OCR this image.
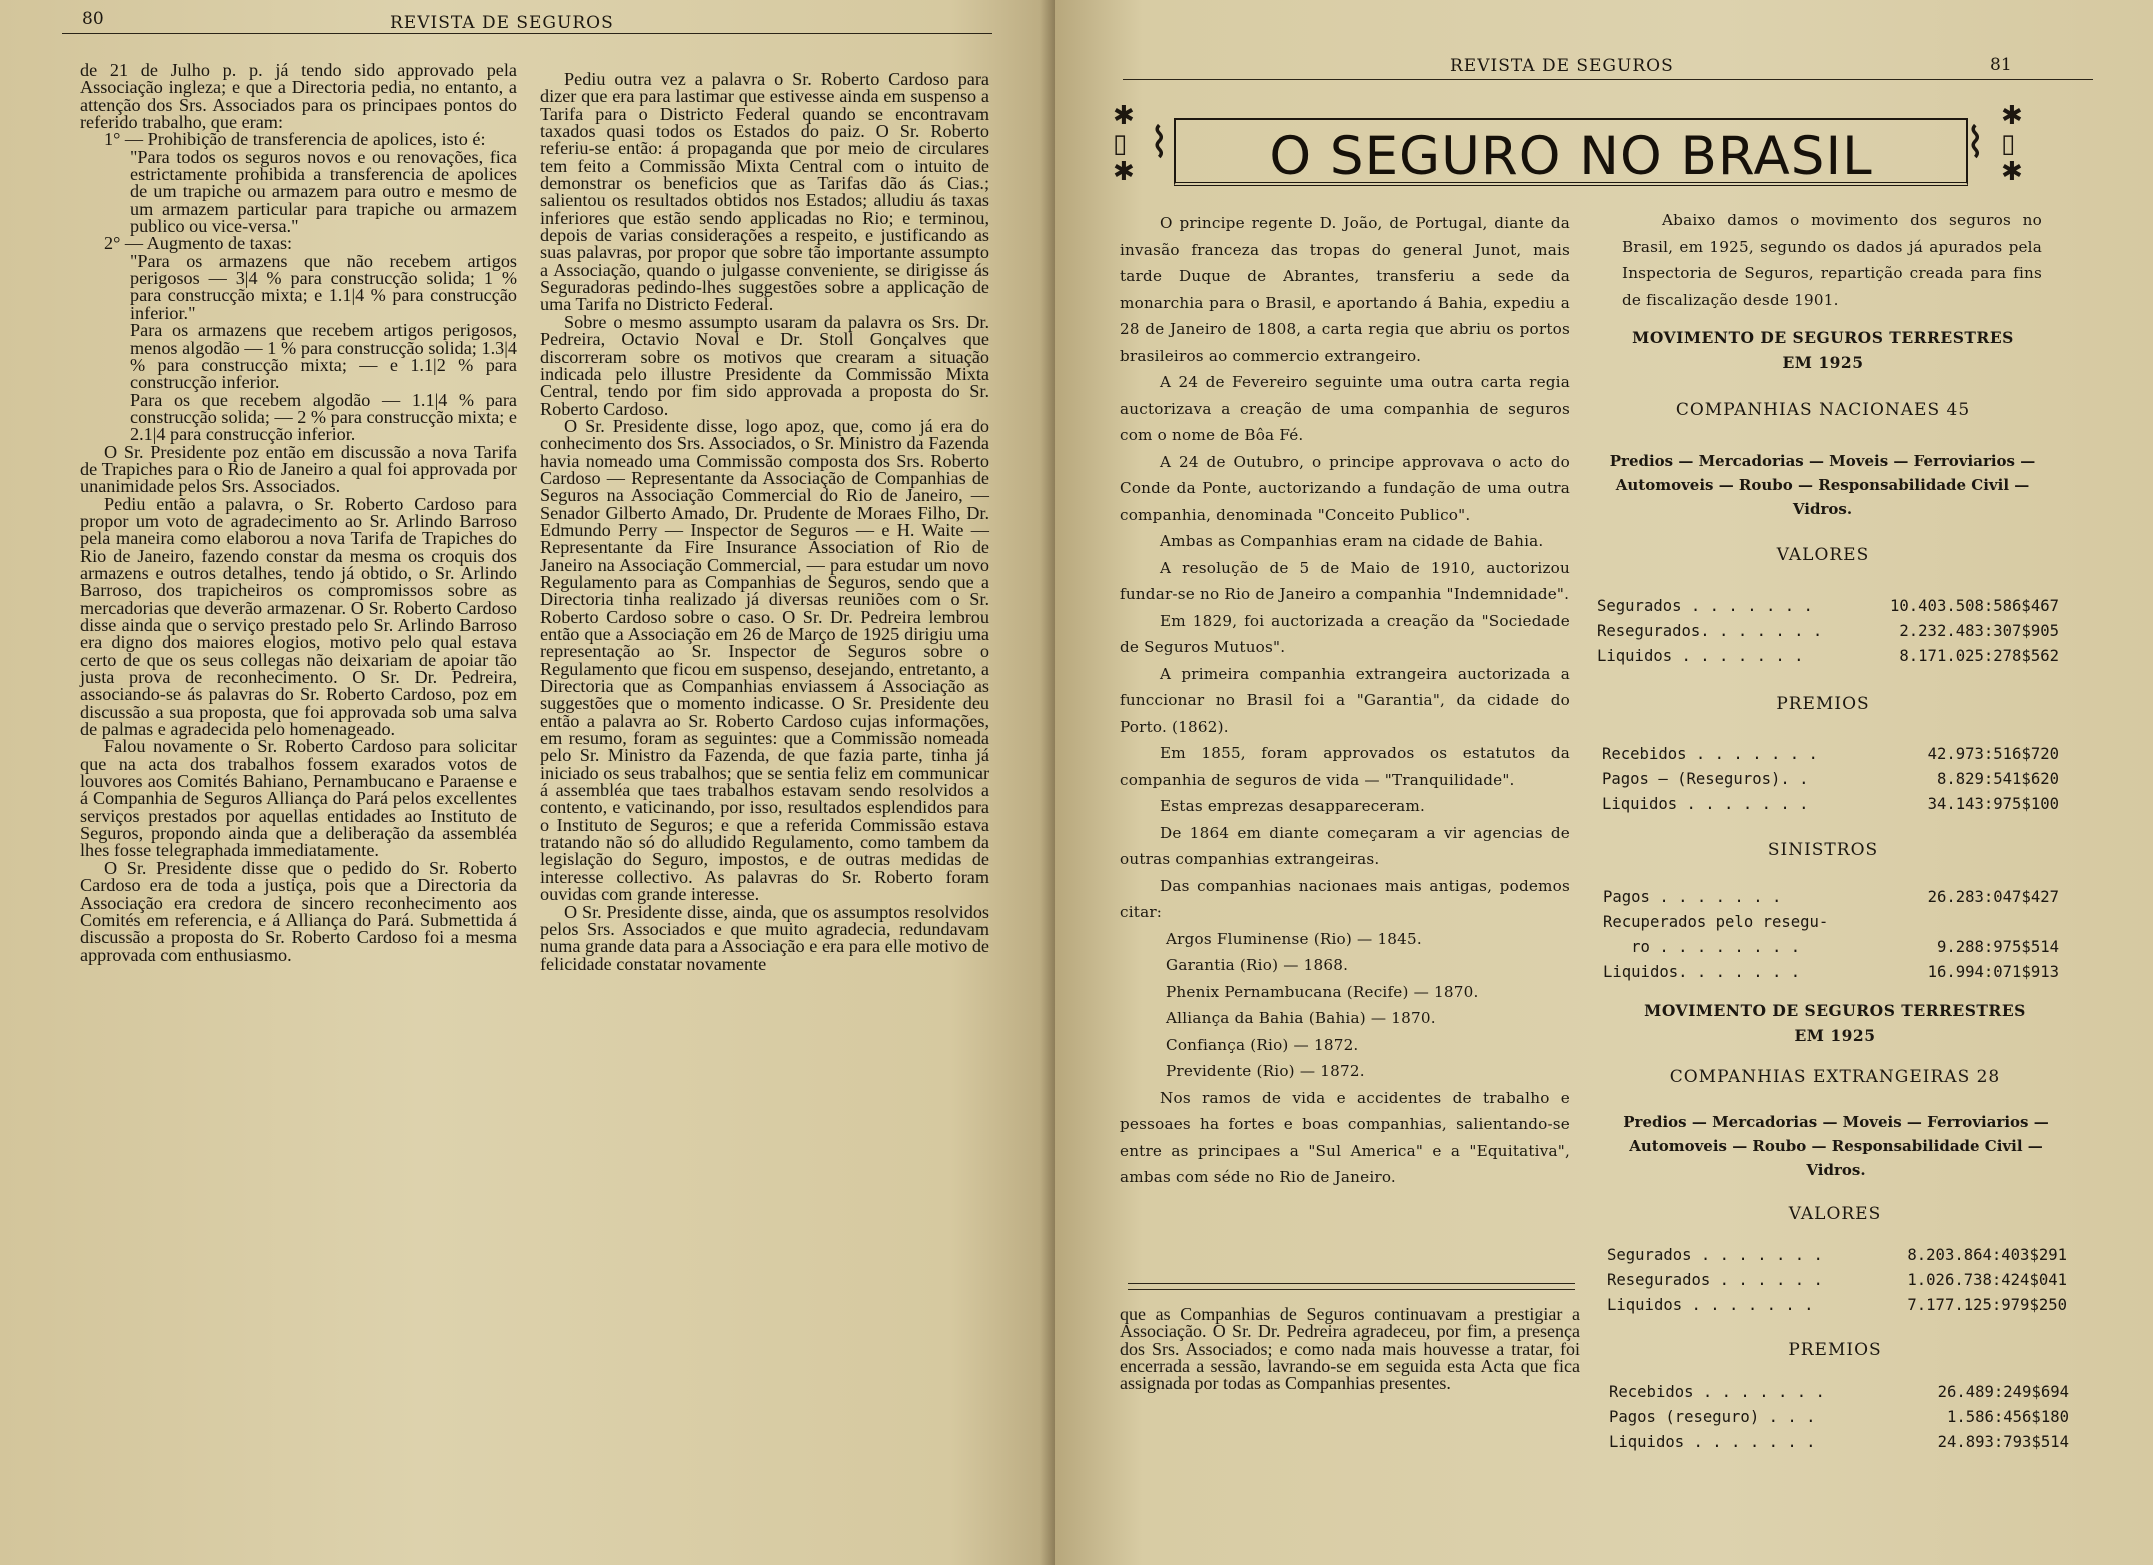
80	REVISTA DE SEGUROS

de 21 de Julho p. p. já tendo sido approvado pela Associação ingleza; e que a Directoria pedia, no entanto, a attenção dos Srs. Associados para os principaes pontos do referido trabalho, que eram:

1° — Prohibição de transferencia de apolices, isto é:

"Para todos os seguros novos e ou renovações, fica estrictamente prohibida a transferencia de apolices de um trapiche ou armazem para outro e mesmo de um armazem particular para trapiche ou armazem publico ou vice-versa."

2° — Augmento de taxas:

"Para os armazens que não recebem artigos perigosos — 3|4 % para construcção solida; 1 % para construcção mixta; e 1.1|4 % para construcção inferior."

Para os armazens que recebem artigos perigosos, menos algodão — 1 % para construcção solida; 1.3|4 % para construcção mixta; — e 1.1|2 % para construcção inferior.

Para os que recebem algodão — 1.1|4 % para construcção solida; — 2 % para construcção mixta; e 2.1|4 para construcção inferior.

O Sr. Presidente poz então em discussão a nova Tarifa de Trapiches para o Rio de Janeiro a qual foi approvada por unanimidade pelos Srs. Associados.

Pediu então a palavra, o Sr. Roberto Cardoso para propor um voto de agradecimento ao Sr. Arlindo Barroso pela maneira como elaborou a nova Tarifa de Trapiches do Rio de Janeiro, fazendo constar da mesma os croquis dos armazens e outros detalhes, tendo já obtido, o Sr. Arlindo Barroso, dos trapicheiros os compromissos sobre as mercadorias que deverão armazenar. O Sr. Roberto Cardoso disse ainda que o serviço prestado pelo Sr. Arlindo Barroso era digno dos maiores elogios, motivo pelo qual estava certo de que os seus collegas não deixariam de apoiar tão justa prova de reconhecimento. O Sr. Dr. Pedreira, associando-se ás palavras do Sr. Roberto Cardoso, poz em discussão a sua proposta, que foi approvada sob uma salva de palmas e agradecida pelo homenageado.

Falou novamente o Sr. Roberto Cardoso para solicitar que na acta dos trabalhos fossem exarados votos de louvores aos Comités Bahiano, Pernambucano e Paraense e á Companhia de Seguros Alliança do Pará pelos excellentes serviços prestados por aquellas entidades ao Instituto de Seguros, propondo ainda que a deliberação da assembléa lhes fosse telegraphada immediatamente.

O Sr. Presidente disse que o pedido do Sr. Roberto Cardoso era de toda a justiça, pois que a Directoria da Associação era credora de sincero reconhecimento aos Comités em referencia, e á Alliança do Pará. Submettida á discussão a proposta do Sr. Roberto Cardoso foi a mesma approvada com enthusiasmo.

Pediu outra vez a palavra o Sr. Roberto Cardoso para dizer que era para lastimar que estivesse ainda em suspenso a Tarifa para o Districto Federal quando se encontravam taxados quasi todos os Estados do paiz. O Sr. Roberto referiu-se então: á propaganda que por meio de circulares tem feito a Commissão Mixta Central com o intuito de demonstrar os beneficios que as Tarifas dão ás Cias.; salientou os resultados obtidos nos Estados; alludiu ás taxas inferiores que estão sendo applicadas no Rio; e terminou, depois de varias considerações a respeito, e justificando as suas palavras, por propor que sobre tão importante assumpto a Associação, quando o julgasse conveniente, se dirigisse ás Seguradoras pedindo-lhes suggestões sobre a applicação de uma Tarifa no Districto Federal.

Sobre o mesmo assumpto usaram da palavra os Srs. Dr. Pedreira, Octavio Noval e Dr. Stoll Gonçalves que discorreram sobre os motivos que crearam a situação indicada pelo illustre Presidente da Commissão Mixta Central, tendo por fim sido approvada a proposta do Sr. Roberto Cardoso.

O Sr. Presidente disse, logo apoz, que, como já era do conhecimento dos Srs. Associados, o Sr. Ministro da Fazenda havia nomeado uma Commissão composta dos Srs. Roberto Cardoso — Representante da Associação de Companhias de Seguros na Associação Commercial do Rio de Janeiro, — Senador Gilberto Amado, Dr. Prudente de Moraes Filho, Dr. Edmundo Perry — Inspector de Seguros — e H. Waite — Representante da Fire Insurance Association of Rio de Janeiro na Associação Commercial, — para estudar um novo Regulamento para as Companhias de Seguros, sendo que a Directoria tinha realizado já diversas reuniões com o Sr. Roberto Cardoso sobre o caso. O Sr. Dr. Pedreira lembrou então que a Associação em 26 de Março de 1925 dirigiu uma representação ao Sr. Inspector de Seguros sobre o Regulamento que ficou em suspenso, desejando, entretanto, a Directoria que as Companhias enviassem á Associação as suggestões que o momento indicasse. O Sr. Presidente deu então a palavra ao Sr. Roberto Cardoso cujas informações, em resumo, foram as seguintes: que a Commissão nomeada pelo Sr. Ministro da Fazenda, de que fazia parte, tinha já iniciado os seus trabalhos; que se sentia feliz em communicar á assembléa que taes trabalhos estavam sendo resolvidos a contento, e vaticinando, por isso, resultados esplendidos para o Instituto de Seguros; e que a referida Commissão estava tratando não só do alludido Regulamento, como tambem da legislação do Seguro, impostos, e de outras medidas de interesse collectivo. As palavras do Sr. Roberto foram ouvidas com grande interesse.

O Sr. Presidente disse, ainda, que os assumptos resolvidos pelos Srs. Associados e que muito agradecia, redundavam numa grande data para a Associação e era para elle motivo de felicidade constatar novamente

REVISTA DE SEGUROS	81
✱
▯
✱
⌇	O SEGURO NO BRASIL	⌇
✱
▯
✱

O principe regente D. João, de Portugal, diante da invasão franceza das tropas do general Junot, mais tarde Duque de Abrantes, transferiu a sede da monarchia para o Brasil, e aportando á Bahia, expediu a 28 de Janeiro de 1808, a carta regia que abriu os portos brasileiros ao commercio extrangeiro.

A 24 de Fevereiro seguinte uma outra carta regia auctorizava a creação de uma companhia de seguros com o nome de Bôa Fé.

A 24 de Outubro, o principe approvava o acto do Conde da Ponte, auctorizando a fundação de uma outra companhia, denominada "Conceito Publico".

Ambas as Companhias eram na cidade de Bahia.

A resolução de 5 de Maio de 1910, auctorizou fundar-se no Rio de Janeiro a companhia "Indemnidade".

Em 1829, foi auctorizada a creação da "Sociedade de Seguros Mutuos".

A primeira companhia extrangeira auctorizada a funccionar no Brasil foi a "Garantia", da cidade do Porto. (1862).

Em 1855, foram approvados os estatutos da companhia de seguros de vida — "Tranquilidade".

Estas emprezas desappareceram.

De 1864 em diante começaram a vir agencias de outras companhias extrangeiras.

Das companhias nacionaes mais antigas, podemos citar:

Argos Fluminense (Rio) — 1845.

Garantia (Rio) — 1868.

Phenix Pernambucana (Recife) — 1870.

Alliança da Bahia (Bahia) — 1870.

Confiança (Rio) — 1872.

Previdente (Rio) — 1872.

Nos ramos de vida e accidentes de trabalho e pessoaes ha fortes e boas companhias, salientando-se entre as principaes a "Sul America" e a "Equitativa", ambas com séde no Rio de Janeiro.

que as Companhias de Seguros continuavam a prestigiar a Associação. O Sr. Dr. Pedreira agradeceu, por fim, a presença dos Srs. Associados; e como nada mais houvesse a tratar, foi encerrada a sessão, lavrando-se em seguida esta Acta que fica assignada por todas as Companhias presentes.

Abaixo damos o movimento dos seguros no Brasil, em 1925, segundo os dados já apurados pela Inspectoria de Seguros, repartição creada para fins de fiscalização desde 1901.

MOVIMENTO DE SEGUROS TERRESTRES
EM 1925
COMPANHIAS NACIONAES 45
Predios — Mercadorias — Moveis — Ferroviarios — Automoveis — Roubo — Responsabilidade Civil — Vidros.
VALORES
Segurados . . . . . . .	10.403.508:586$467
Resegurados. . . . . . .	2.232.483:307$905
Liquidos . . . . . . .	8.171.025:278$562
PREMIOS
Recebidos . . . . . . .	42.973:516$720
Pagos — (Reseguros). .	8.829:541$620
Liquidos . . . . . . .	34.143:975$100
SINISTROS
Pagos . . . . . . .	26.283:047$427
Recuperados pelo resegu-
ro . . . . . . . .	9.288:975$514
Liquidos. . . . . . .	16.994:071$913
MOVIMENTO DE SEGUROS TERRESTRES
EM 1925
COMPANHIAS EXTRANGEIRAS 28
Predios — Mercadorias — Moveis — Ferroviarios — Automoveis — Roubo — Responsabilidade Civil — Vidros.
VALORES
Segurados . . . . . . .	8.203.864:403$291
Resegurados . . . . . .	1.026.738:424$041
Liquidos . . . . . . .	7.177.125:979$250
PREMIOS
Recebidos . . . . . . .	26.489:249$694
Pagos (reseguro) . . .	1.586:456$180
Liquidos . . . . . . .	24.893:793$514
